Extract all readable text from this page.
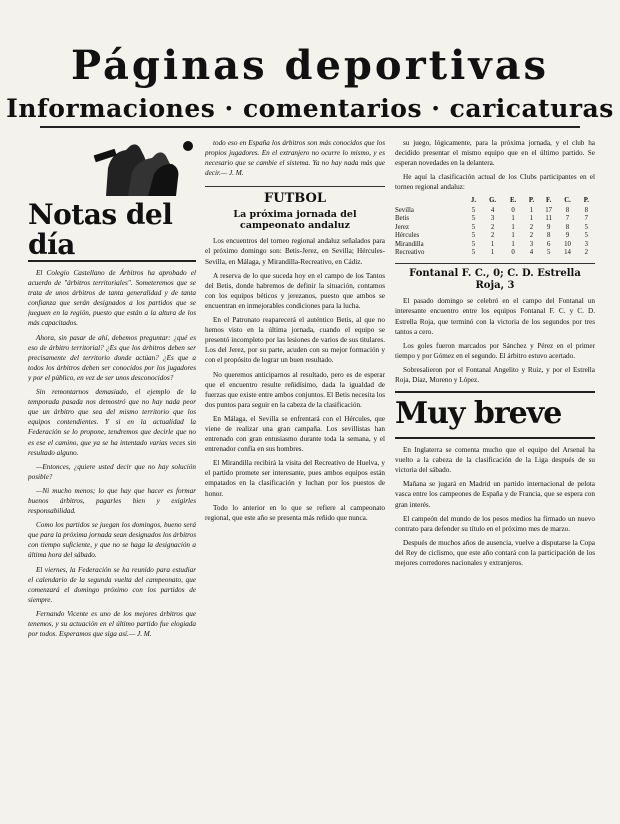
Páginas deportivas
Informaciones · comentarios · caricaturas
Notas del día

El Colegio Castellano de Árbitros ha aprobado el acuerdo de "árbitros territoriales". Someteremos que se trata de unos árbitros de tanta generalidad y de tanta confianza que serán designados a los partidos que se jueguen en la región, puesto que están a la altura de los más capacitados.

Ahora, sin pasar de ahí, debemos preguntar: ¿qué es eso de árbitro territorial? ¿Es que los árbitros deben ser precisamente del territorio donde actúan? ¿Es que a todos los árbitros deben ser conocidos por los jugadores y por el público, en vez de ser unos desconocidos?

Sin remontarnos demasiado, el ejemplo de la temporada pasada nos demostró que no hay nada peor que un árbitro que sea del mismo territorio que los equipos contendientes. Y si en la actualidad la Federación se lo propone, tendremos que decirle que no es ese el camino, que ya se ha intentado varias veces sin resultado alguno.

—Entonces, ¿quiere usted decir que no hay solución posible?

—Ni mucho menos; lo que hay que hacer es formar buenos árbitros, pagarles bien y exigirles responsabilidad.

Como los partidos se juegan los domingos, bueno será que para la próxima jornada sean designados los árbitros con tiempo suficiente, y que no se haga la designación a última hora del sábado.

El viernes, la Federación se ha reunido para estudiar el calendario de la segunda vuelta del campeonato, que comenzará el domingo próximo con los partidos de siempre.

Fernando Vicente es uno de los mejores árbitros que tenemos, y su actuación en el último partido fue elogiada por todos. Esperamos que siga así.— J. M.

todo eso en España los árbitros son más conocidos que los propios jugadores. En el extranjero no ocurre lo mismo, y es necesario que se cambie el sistema. Ya no hay nada más que decir.— J. M.

FUTBOL
La próxima jornada del campeonato andaluz

Los encuentros del torneo regional andaluz señalados para el próximo domingo son: Betis-Jerez, en Sevilla; Hércules-Sevilla, en Málaga, y Mirandilla-Recreativo, en Cádiz.

A reserva de lo que suceda hoy en el campo de los Tantos del Betis, donde habremos de definir la situación, contamos con los equipos béticos y jerezanos, puesto que ambos se encuentran en inmejorables condiciones para la lucha.

En el Patronato reaparecerá el auténtico Betis, al que no hemos visto en la última jornada, cuando el equipo se presentó incompleto por las lesiones de varios de sus titulares. Los del Jerez, por su parte, acuden con su mejor formación y con el propósito de lograr un buen resultado.

No queremos anticiparnos al resultado, pero es de esperar que el encuentro resulte reñidísimo, dada la igualdad de fuerzas que existe entre ambos conjuntos. El Betis necesita los dos puntos para seguir en la cabeza de la clasificación.

En Málaga, el Sevilla se enfrentará con el Hércules, que viene de realizar una gran campaña. Los sevillistas han entrenado con gran entusiasmo durante toda la semana, y el entrenador confía en sus hombres.

El Mirandilla recibirá la visita del Recreativo de Huelva, y el partido promete ser interesante, pues ambos equipos están empatados en la clasificación y luchan por los puestos de honor.

Todo lo anterior en lo que se refiere al campeonato regional, que este año se presenta más reñido que nunca.

su juego, lógicamente, para la próxima jornada, y el club ha decidido presentar el mismo equipo que en el último partido. Se esperan novedades en la delantera.

He aquí la clasificación actual de los Clubs participantes en el torneo regional andaluz:

	J.	G.	E.	P.	F.	C.	P.
Sevilla	5	4	0	1	17	8	8
Betis	5	3	1	1	11	7	7
Jerez	5	2	1	2	9	8	5
Hércules	5	2	1	2	8	9	5
Mirandilla	5	1	1	3	6	10	3
Recreativo	5	1	0	4	5	14	2
Fontanal F. C., 0; C. D. Estrella Roja, 3

El pasado domingo se celebró en el campo del Fontanal un interesante encuentro entre los equipos Fontanal F. C. y C. D. Estrella Roja, que terminó con la victoria de los segundos por tres tantos a cero.

Los goles fueron marcados por Sánchez y Pérez en el primer tiempo y por Gómez en el segundo. El árbitro estuvo acertado.

Sobresalieron por el Fontanal Angelito y Ruiz, y por el Estrella Roja, Díaz, Moreno y López.

Muy breve

En Inglaterra se comenta mucho que el equipo del Arsenal ha vuelto a la cabeza de la clasificación de la Liga después de su victoria del sábado.

Mañana se jugará en Madrid un partido internacional de pelota vasca entre los campeones de España y de Francia, que se espera con gran interés.

El campeón del mundo de los pesos medios ha firmado un nuevo contrato para defender su título en el próximo mes de marzo.

Después de muchos años de ausencia, vuelve a disputarse la Copa del Rey de ciclismo, que este año contará con la participación de los mejores corredores nacionales y extranjeros.
